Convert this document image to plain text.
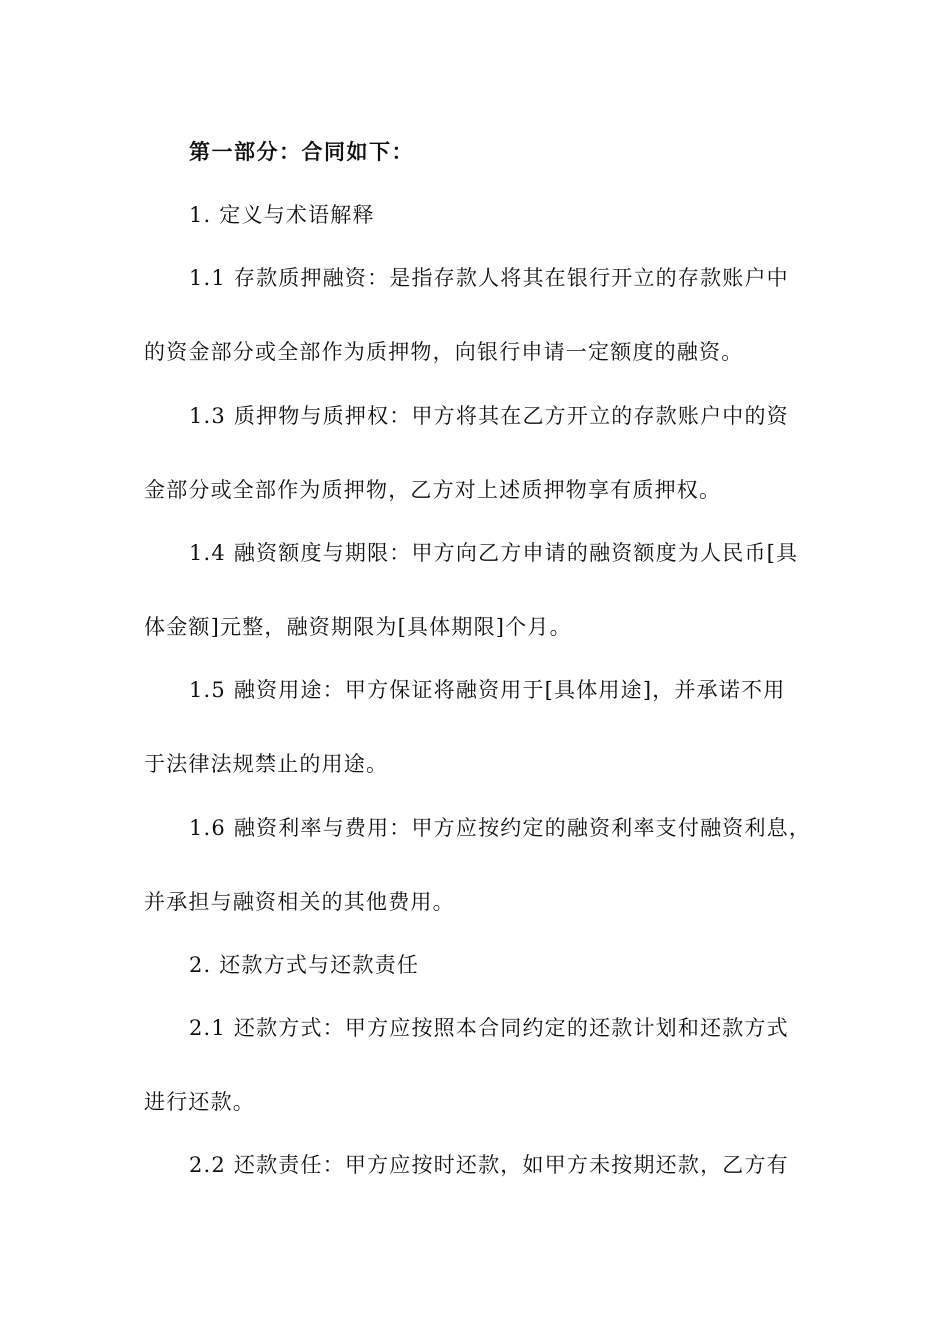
第一部分：合同如下：
1. 定义与术语解释
1.1 存款质押融资：是指存款人将其在银行开立的存款账户中
的资金部分或全部作为质押物，向银行申请一定额度的融资。
1.3 质押物与质押权：甲方将其在乙方开立的存款账户中的资
金部分或全部作为质押物，乙方对上述质押物享有质押权。
1.4 融资额度与期限：甲方向乙方申请的融资额度为人民币[具
体金额]元整，融资期限为[具体期限]个月。
1.5 融资用途：甲方保证将融资用于[具体用途]，并承诺不用
于法律法规禁止的用途。
1.6 融资利率与费用：甲方应按约定的融资利率支付融资利息，
并承担与融资相关的其他费用。
2. 还款方式与还款责任
2.1 还款方式：甲方应按照本合同约定的还款计划和还款方式
进行还款。
2.2 还款责任：甲方应按时还款，如甲方未按期还款，乙方有
